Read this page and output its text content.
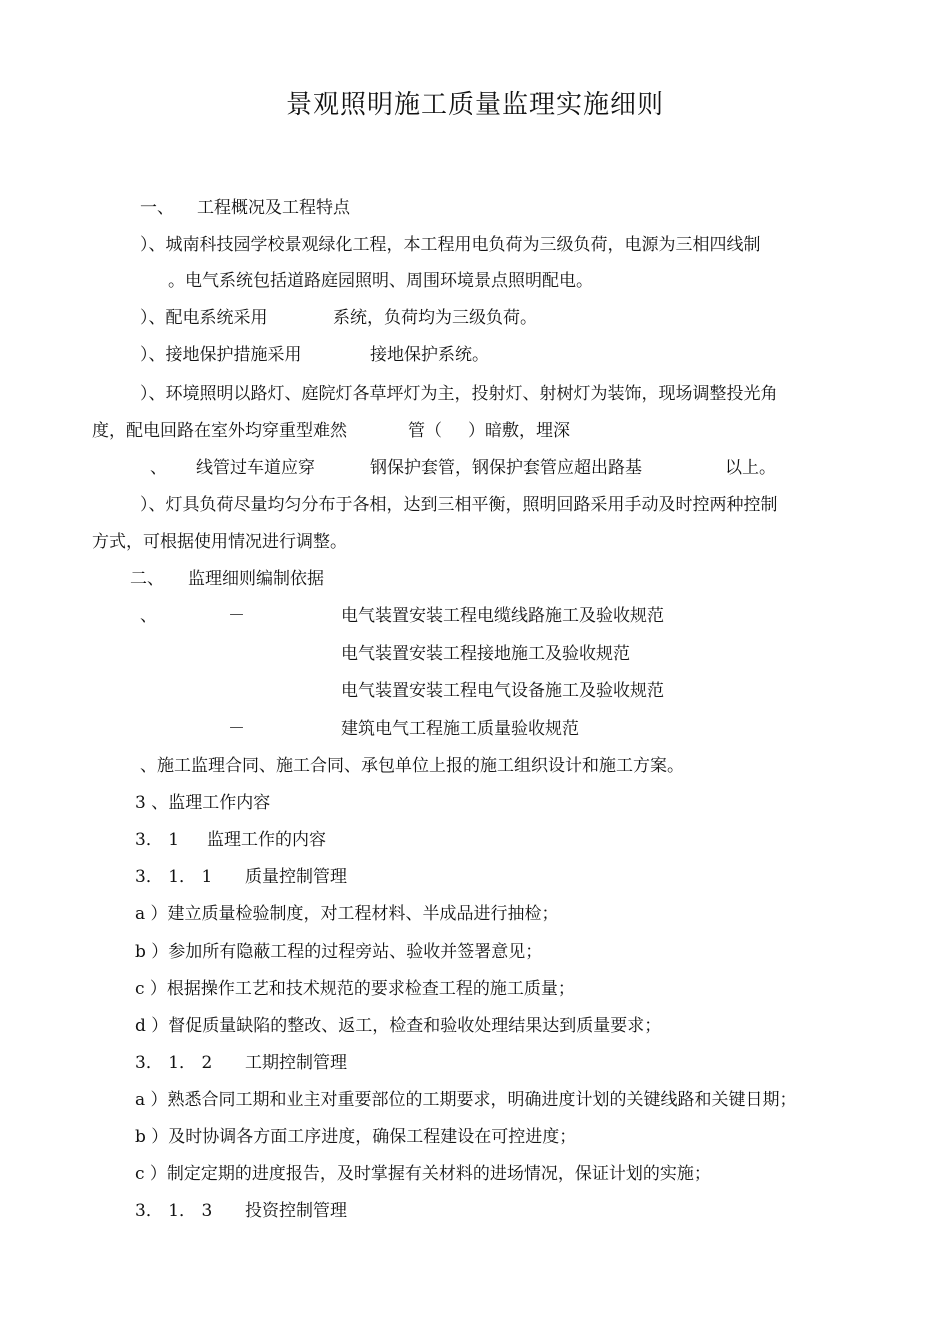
景观照明施工质量监理实施细则
一、 工程概况及工程特点
）、城南科技园学校景观绿化工程，本工程用电负荷为三级负荷，电源为三相四线制
。电气系统包括道路庭园照明、周围环境景点照明配电。
）、配电系统采用	系统，负荷均为三级负荷。
）、接地保护措施采用	接地保护系统。
）、环境照明以路灯、庭院灯各草坪灯为主，投射灯、射树灯为装饰，现场调整投光角
度，配电回路在室外均穿重型难然	管（ ）暗敷，埋深
、 线管过车道应穿	钢保护套管，钢保护套管应超出路基	以上。
）、灯具负荷尽量均匀分布于各相，达到三相平衡，照明回路采用手动及时控两种控制
方式，可根据使用情况进行调整。
二、 监理细则编制依据
、	－	电气装置安装工程电缆线路施工及验收规范
电气装置安装工程接地施工及验收规范
电气装置安装工程电气设备施工及验收规范
－	建筑电气工程施工质量验收规范
、施工监理合同、施工合同、承包单位上报的施工组织设计和施工方案。
3 、监理工作内容
3． 1 监理工作的内容
3． 1． 1 质量控制管理
a ）建立质量检验制度，对工程材料、半成品进行抽检；
b ）参加所有隐蔽工程的过程旁站、验收并签署意见；
c ）根据操作工艺和技术规范的要求检查工程的施工质量；
d ）督促质量缺陷的整改、返工，检查和验收处理结果达到质量要求；
3． 1． 2 工期控制管理
a ）熟悉合同工期和业主对重要部位的工期要求，明确进度计划的关键线路和关键日期；
b ）及时协调各方面工序进度，确保工程建设在可控进度；
c ）制定定期的进度报告，及时掌握有关材料的进场情况，保证计划的实施；
3． 1． 3 投资控制管理
